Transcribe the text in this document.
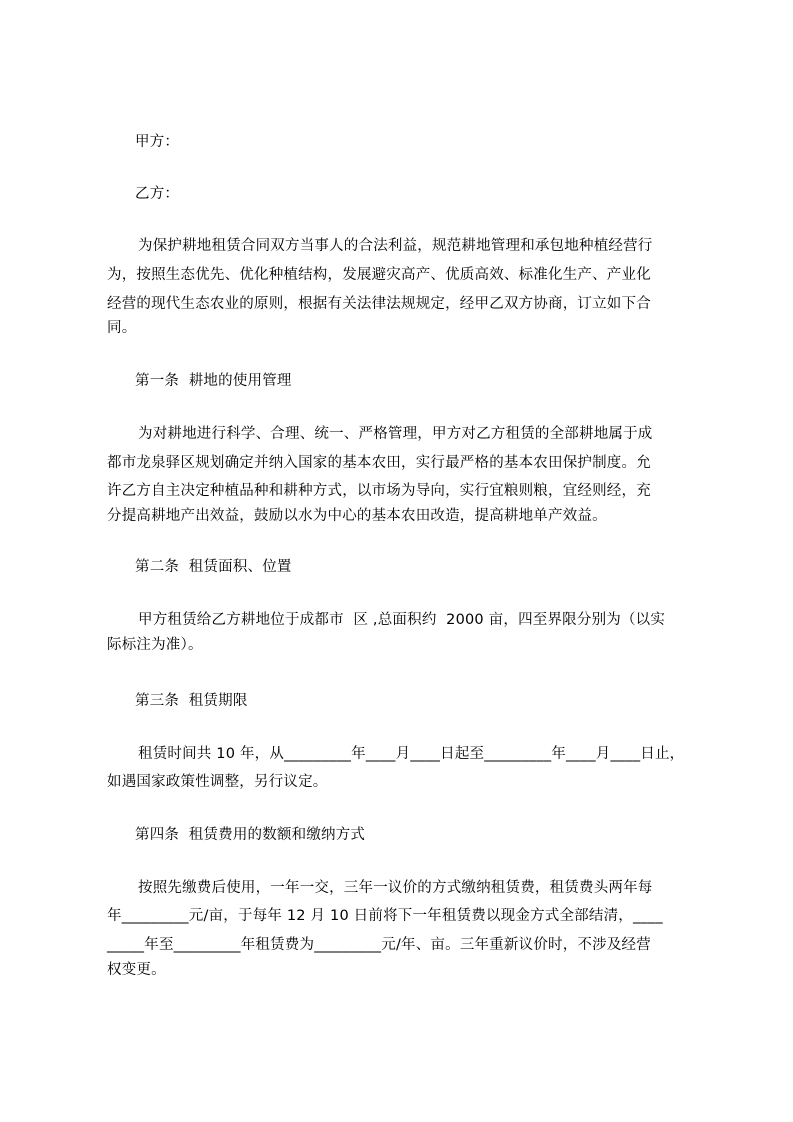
甲方：
乙方：
为保护耕地租赁合同双方当事人的合法利益，规范耕地管理和承包地种植经营行
为，按照生态优先、优化种植结构，发展避灾高产、优质高效、标准化生产、产业化
经营的现代生态农业的原则，根据有关法律法规规定，经甲乙双方协商，订立如下合
同。
第一条  耕地的使用管理
为对耕地进行科学、合理、统一、严格管理，甲方对乙方租赁的全部耕地属于成
都市龙泉驿区规划确定并纳入国家的基本农田，实行最严格的基本农田保护制度。允
许乙方自主决定种植品种和耕种方式，以市场为导向，实行宜粮则粮，宜经则经，充
分提高耕地产出效益，鼓励以水为中心的基本农田改造，提高耕地单产效益。
第二条  租赁面积、位置
甲方租赁给乙方耕地位于成都市  区 ,总面积约  2000 亩，四至界限分别为（以实
际标注为准）。
第三条  租赁期限
租赁时间共 10 年，从_________年____月____日起至_________年____月____日止，
如遇国家政策性调整，另行议定。
第四条  租赁费用的数额和缴纳方式
按照先缴费后使用，一年一交，三年一议价的方式缴纳租赁费，租赁费头两年每
年_________元/亩，于每年 12 月 10 日前将下一年租赁费以现金方式全部结清，____
_____年至_________年租赁费为_________元/年、亩。三年重新议价时，不涉及经营
权变更。
